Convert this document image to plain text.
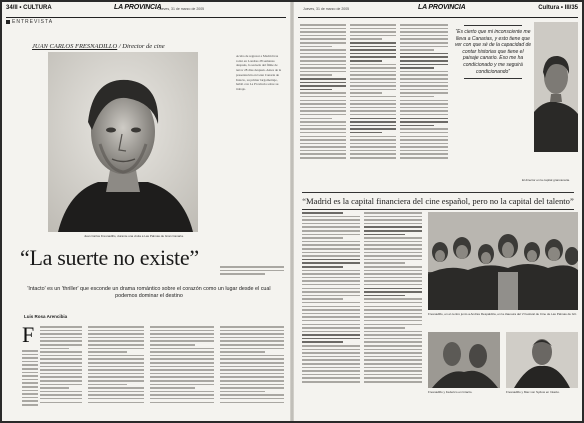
34/II • CULTURA	LA PROVINCIA
Jueves, 31 de marzo de 2005
ENTREVISTA
JUAN CARLOS FRESNADILLO / Director de cine
Juan Carlos Fresnadillo, durante una visita a Las Palmas de Gran Canaria.
Acaba de regresar a Madrid tras rodar en Londres 28 semanas después, la secuela del filme de terror 28 días después. Antes de la presentación en Gran Canaria de Intacto, su primer largometraje, habló con La Provincia sobre su trabajo.
“La suerte no existe”
'Intacto' es un 'thriller' que esconde un drama romántico sobre el corazón como un lugar desde el cual podemos dominar el destino
Luis Rosa Arencibia
F
Jueves, 31 de marzo de 2005	LA PROVINCIA	Cultura • III/35
“Es cierto que mi inconsciente me lleva a Canarias, y esto tiene que ver con que sé de la capacidad de contar historias que tiene el paisaje canario. Eso me ha condicionado y me seguirá condicionando”
El director en la capital grancanaria.
“Madrid es la capital financiera del cine español, pero no la capital del talento”
Fresnadillo, en el centro junto a Andrés Respaldiza, en la clausura del V Festival de Cine de Las Palmas de GC.
Fresnadillo y Federico en Intacto.	Fresnadillo y Max von Sydow en Intacto.
